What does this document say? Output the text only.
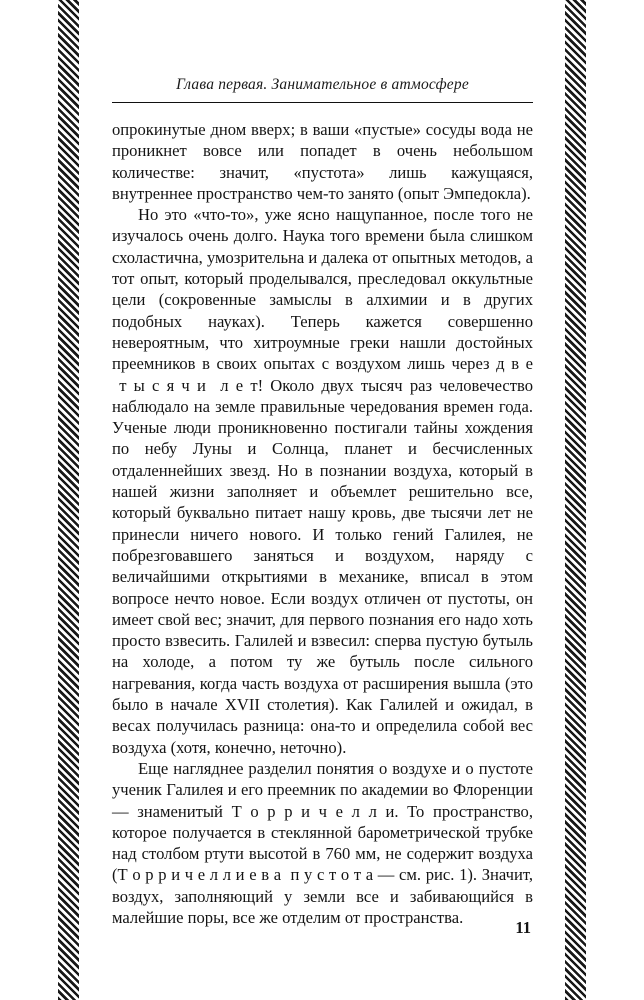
Глава первая. Занимательное в атмосфере

опрокинутые дном вверх; в ваши «пустые» сосуды вода не проникнет вовсе или попадет в очень небольшом количестве: значит, «пустота» лишь кажущаяся, внутреннее пространство чем-то занято (опыт Эмпедокла).

Но это «что-то», уже ясно нащупанное, после того не изучалось очень долго. Наука того времени была слишком схоластична, умозрительна и далека от опытных методов, а тот опыт, который проделывался, преследовал оккультные цели (сокровенные замыслы в алхимии и в других подобных науках). Теперь кажется совершенно невероятным, что хитроумные греки нашли достойных преемников в своих опытах с воздухом лишь через д в е  т ы с я ч и  л е т! Около двух тысяч раз человечество наблюдало на земле правильные чередования времен года. Ученые люди проникновенно постигали тайны хождения по небу Луны и Солнца, планет и бесчисленных отдаленнейших звезд. Но в познании воздуха, который в нашей жизни заполняет и объемлет решительно все, который буквально питает нашу кровь, две тысячи лет не принесли ничего нового. И только гений Галилея, не побрезговавшего заняться и воздухом, наряду с величайшими открытиями в механике, вписал в этом вопросе нечто новое. Если воздух отличен от пустоты, он имеет свой вес; значит, для первого познания его надо хоть просто взвесить. Галилей и взвесил: сперва пустую бутыль на холоде, а потом ту же бутыль после сильного нагревания, когда часть воздуха от расширения вышла (это было в начале XVII столетия). Как Галилей и ожидал, в весах получилась разница: она-то и определила собой вес воздуха (хотя, конечно, неточно).

Еще нагляднее разделил понятия о воздухе и о пустоте ученик Галилея и его преемник по академии во Флоренции — знаменитый Т о р р и ч е л л и. То пространство, которое получается в стеклянной барометрической трубке над столбом ртути высотой в 760 мм, не содержит воздуха (Т о р р и ч е л л и е в а  п у с т о т а — см. рис. 1). Значит, воздух, заполняющий у земли все и забивающийся в малейшие поры, все же отделим от пространства.

11
